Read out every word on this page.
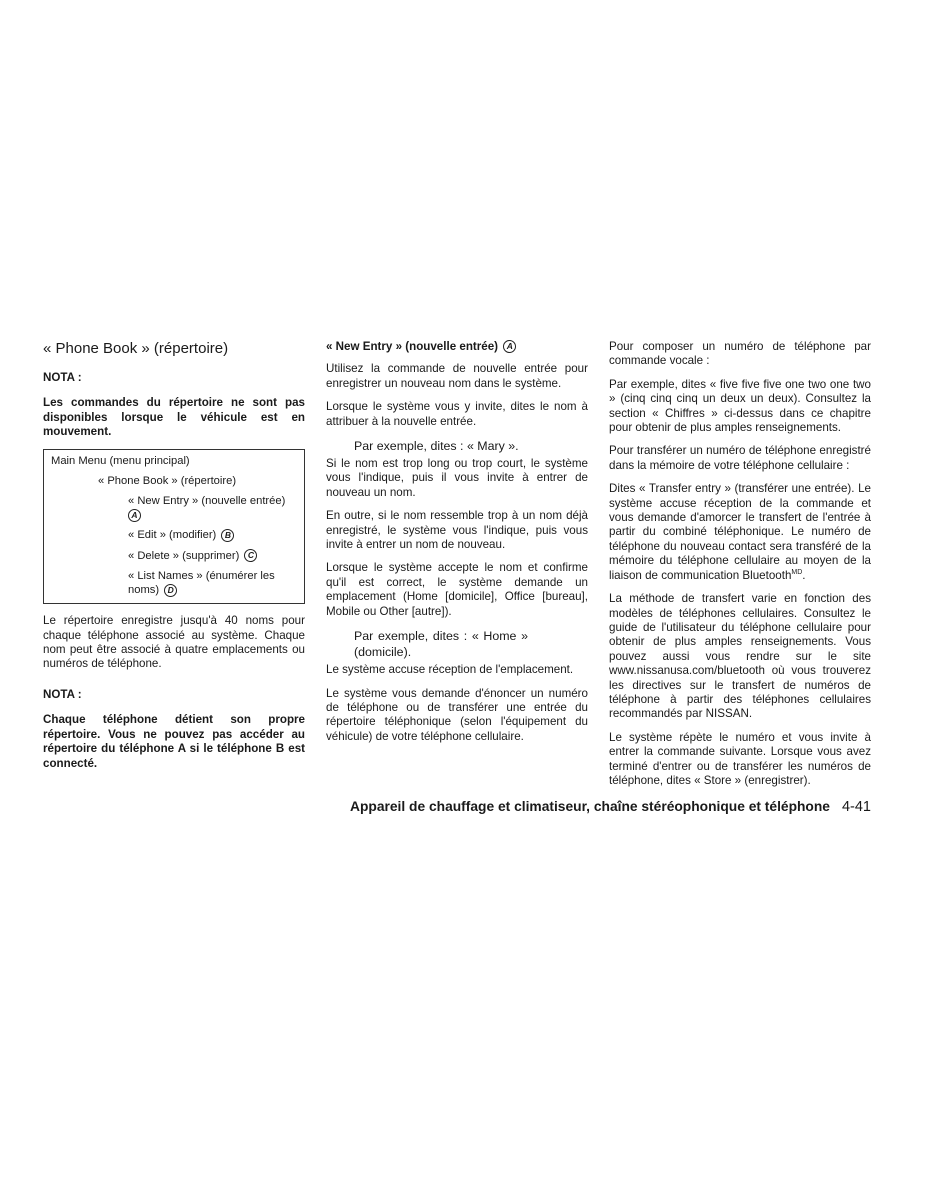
« Phone Book » (répertoire)
NOTA :

Les commandes du répertoire ne sont pas disponibles lorsque le véhicule est en mouvement.

Main Menu (menu principal)
« Phone Book » (répertoire)
« New Entry » (nouvelle entrée)
A
« Edit » (modifier) B
« Delete » (supprimer) C
« List Names » (énumérer les noms) D

Le répertoire enregistre jusqu'à 40 noms pour chaque téléphone associé au système. Chaque nom peut être associé à quatre emplacements ou numéros de téléphone.

NOTA :

Chaque téléphone détient son propre répertoire. Vous ne pouvez pas accéder au répertoire du téléphone A si le téléphone B est connecté.

« New Entry » (nouvelle entrée) A

Utilisez la commande de nouvelle entrée pour enregistrer un nouveau nom dans le système.

Lorsque le système vous y invite, dites le nom à attribuer à la nouvelle entrée.

Par exemple, dites : « Mary ».

Si le nom est trop long ou trop court, le système vous l'indique, puis il vous invite à entrer de nouveau un nom.

En outre, si le nom ressemble trop à un nom déjà enregistré, le système vous l'indique, puis vous invite à entrer un nom de nouveau.

Lorsque le système accepte le nom et confirme qu'il est correct, le système demande un emplacement (Home [domicile], Office [bureau], Mobile ou Other [autre]).

Par exemple, dites : « Home » (domicile).

Le système accuse réception de l'emplacement.

Le système vous demande d'énoncer un numéro de téléphone ou de transférer une entrée du répertoire téléphonique (selon l'équipement du véhicule) de votre téléphone cellulaire.

Pour composer un numéro de téléphone par commande vocale :

Par exemple, dites « five five five one two one two » (cinq cinq cinq un deux un deux). Consultez la section « Chiffres » ci-dessus dans ce chapitre pour obtenir de plus amples renseignements.

Pour transférer un numéro de téléphone enregistré dans la mémoire de votre téléphone cellulaire :

Dites « Transfer entry » (transférer une entrée). Le système accuse réception de la commande et vous demande d'amorcer le transfert de l'entrée à partir du combiné téléphonique. Le numéro de téléphone du nouveau contact sera transféré de la mémoire du téléphone cellulaire au moyen de la liaison de communication Bluetooth$^{MD}$.

La méthode de transfert varie en fonction des modèles de téléphones cellulaires. Consultez le guide de l'utilisateur du téléphone cellulaire pour obtenir de plus amples renseignements. Vous pouvez aussi vous rendre sur le site www.nissanusa.com/bluetooth où vous trouverez les directives sur le transfert de numéros de téléphone à partir des téléphones cellulaires recommandés par NISSAN.

Le système répète le numéro et vous invite à entrer la commande suivante. Lorsque vous avez terminé d'entrer ou de transférer les numéros de téléphone, dites « Store » (enregistrer).

Appareil de chauffage et climatiseur, chaîne stéréophonique et téléphone 4-41
